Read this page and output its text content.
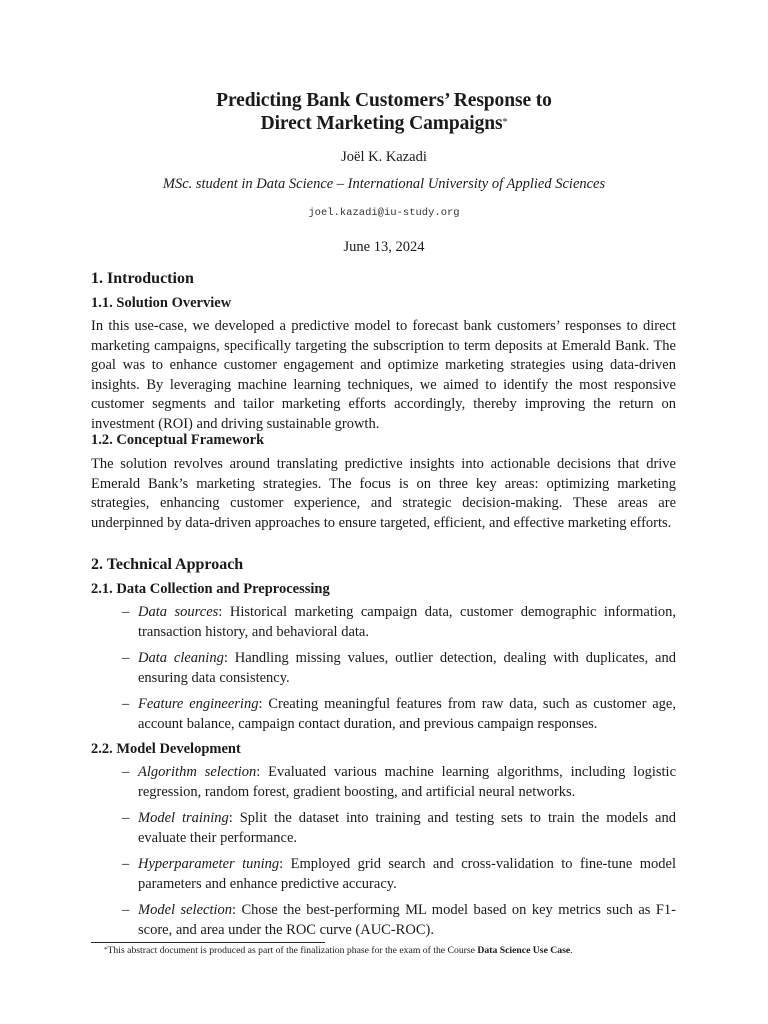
Predicting Bank Customers’ Response to
Direct Marketing Campaigns*
Joël K. Kazadi
MSc. student in Data Science – International University of Applied Sciences
joel.kazadi@iu-study.org
June 13, 2024
1. Introduction
1.1. Solution Overview

In this use-case, we developed a predictive model to forecast bank customers’ responses to direct marketing campaigns, specifically targeting the subscription to term deposits at Emerald Bank. The goal was to enhance customer engagement and optimize marketing strategies using data-driven insights. By leveraging machine learning techniques, we aimed to identify the most responsive customer segments and tailor marketing efforts accordingly, thereby improving the return on investment (ROI) and driving sustainable growth.

1.2. Conceptual Framework

The solution revolves around translating predictive insights into actionable decisions that drive Emerald Bank’s marketing strategies. The focus is on three key areas: optimizing marketing strategies, enhancing customer experience, and strategic decision-making. These areas are underpinned by data-driven approaches to ensure targeted, efficient, and effective marketing efforts.

2. Technical Approach
2.1. Data Collection and Preprocessing
– Data sources: Historical marketing campaign data, customer demographic information, transaction history, and behavioral data.
– Data cleaning: Handling missing values, outlier detection, dealing with duplicates, and ensuring data consistency.
– Feature engineering: Creating meaningful features from raw data, such as customer age, account balance, campaign contact duration, and previous campaign responses.
2.2. Model Development
– Algorithm selection: Evaluated various machine learning algorithms, including logistic regression, random forest, gradient boosting, and artificial neural networks.
– Model training: Split the dataset into training and testing sets to train the models and evaluate their performance.
– Hyperparameter tuning: Employed grid search and cross-validation to fine-tune model parameters and enhance predictive accuracy.
– Model selection: Chose the best-performing ML model based on key metrics such as F1-score, and area under the ROC curve (AUC-ROC).
*This abstract document is produced as part of the finalization phase for the exam of the Course Data Science Use Case.
